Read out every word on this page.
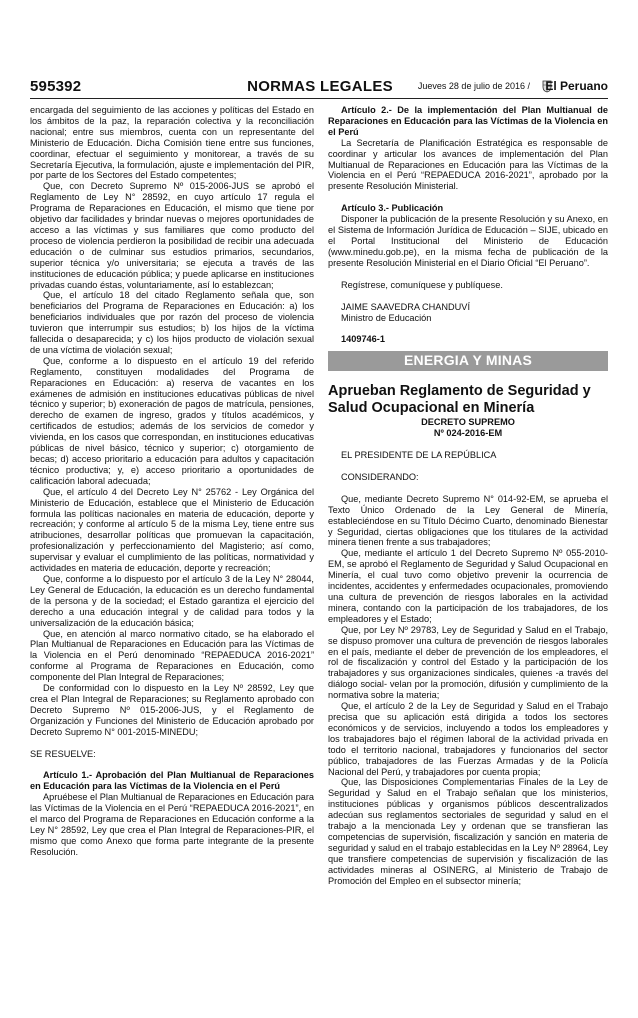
595392	NORMAS LEGALES	Jueves 28 de julio de 2016 / El Peruano

encargada del seguimiento de las acciones y políticas del Estado en los ámbitos de la paz, la reparación colectiva y la reconciliación nacional; entre sus miembros, cuenta con un representante del Ministerio de Educación. Dicha Comisión tiene entre sus funciones, coordinar, efectuar el seguimiento y monitorear, a través de su Secretaría Ejecutiva, la formulación, ajuste e implementación del PIR, por parte de los Sectores del Estado competentes;

Que, con Decreto Supremo Nº 015-2006-JUS se aprobó el Reglamento de Ley N° 28592, en cuyo artículo 17 regula el Programa de Reparaciones en Educación, el mismo que tiene por objetivo dar facilidades y brindar nuevas o mejores oportunidades de acceso a las víctimas y sus familiares que como producto del proceso de violencia perdieron la posibilidad de recibir una adecuada educación o de culminar sus estudios primarios, secundarios, superior técnica y/o universitaria; se ejecuta a través de las instituciones de educación pública; y puede aplicarse en instituciones privadas cuando éstas, voluntariamente, así lo establezcan;

Que, el artículo 18 del citado Reglamento señala que, son beneficiarios del Programa de Reparaciones en Educación: a) los beneficiarios individuales que por razón del proceso de violencia tuvieron que interrumpir sus estudios; b) los hijos de la víctima fallecida o desaparecida; y c) los hijos producto de violación sexual de una víctima de violación sexual;

Que, conforme a lo dispuesto en el artículo 19 del referido Reglamento, constituyen modalidades del Programa de Reparaciones en Educación: a) reserva de vacantes en los exámenes de admisión en instituciones educativas públicas de nivel técnico y superior; b) exoneración de pagos de matrícula, pensiones, derecho de examen de ingreso, grados y títulos académicos, y certificados de estudios; además de los servicios de comedor y vivienda, en los casos que correspondan, en instituciones educativas públicas de nivel básico, técnico y superior; c) otorgamiento de becas; d) acceso prioritario a educación para adultos y capacitación técnico productiva; y, e) acceso prioritario a oportunidades de calificación laboral adecuada;

Que, el artículo 4 del Decreto Ley N° 25762 - Ley Orgánica del Ministerio de Educación, establece que el Ministerio de Educación formula las políticas nacionales en materia de educación, deporte y recreación; y conforme al artículo 5 de la misma Ley, tiene entre sus atribuciones, desarrollar políticas que promuevan la capacitación, profesionalización y perfeccionamiento del Magisterio; así como, supervisar y evaluar el cumplimiento de las políticas, normatividad y actividades en materia de educación, deporte y recreación;

Que, conforme a lo dispuesto por el artículo 3 de la Ley N° 28044, Ley General de Educación, la educación es un derecho fundamental de la persona y de la sociedad; el Estado garantiza el ejercicio del derecho a una educación integral y de calidad para todos y la universalización de la educación básica;

Que, en atención al marco normativo citado, se ha elaborado el Plan Multianual de Reparaciones en Educación para las Víctimas de la Violencia en el Perú denominado “REPAEDUCA 2016-2021” conforme al Programa de Reparaciones en Educación, como componente del Plan Integral de Reparaciones;

De conformidad con lo dispuesto en la Ley Nº 28592, Ley que crea el Plan Integral de Reparaciones; su Reglamento aprobado con Decreto Supremo Nº 015-2006-JUS, y el Reglamento de Organización y Funciones del Ministerio de Educación aprobado por Decreto Supremo N° 001-2015-MINEDU;

SE RESUELVE:

Artículo 1.- Aprobación del Plan Multianual de Reparaciones en Educación para las Víctimas de la Violencia en el Perú

Apruébese el Plan Multianual de Reparaciones en Educación para las Víctimas de la Violencia en el Perú “REPAEDUCA 2016-2021”, en el marco del Programa de Reparaciones en Educación conforme a la Ley N° 28592, Ley que crea el Plan Integral de Reparaciones-PIR, el mismo que como Anexo que forma parte integrante de la presente Resolución.

Artículo 2.- De la implementación del Plan Multianual de Reparaciones en Educación para las Víctimas de la Violencia en el Perú

La Secretaría de Planificación Estratégica es responsable de coordinar y articular los avances de implementación del Plan Multianual de Reparaciones en Educación para las Víctimas de la Violencia en el Perú “REPAEDUCA 2016-2021”, aprobado por la presente Resolución Ministerial.

Artículo 3.- Publicación

Disponer la publicación de la presente Resolución y su Anexo, en el Sistema de Información Jurídica de Educación – SIJE, ubicado en el Portal Institucional del Ministerio de Educación (www.minedu.gob.pe), en la misma fecha de publicación de la presente Resolución Ministerial en el Diario Oficial “El Peruano”.

Regístrese, comuníquese y publíquese.

JAIME SAAVEDRA CHANDUVÍ

Ministro de Educación

1409746-1

ENERGIA Y MINAS

Aprueban Reglamento de Seguridad y Salud Ocupacional en Minería

DECRETO SUPREMO

Nº 024-2016-EM

EL PRESIDENTE DE LA REPÚBLICA

CONSIDERANDO:

Que, mediante Decreto Supremo N° 014-92-EM, se aprueba el Texto Único Ordenado de la Ley General de Minería, estableciéndose en su Título Décimo Cuarto, denominado Bienestar y Seguridad, ciertas obligaciones que los titulares de la actividad minera tienen frente a sus trabajadores;

Que, mediante el artículo 1 del Decreto Supremo Nº 055-2010-EM, se aprobó el Reglamento de Seguridad y Salud Ocupacional en Minería, el cual tuvo como objetivo prevenir la ocurrencia de incidentes, accidentes y enfermedades ocupacionales, promoviendo una cultura de prevención de riesgos laborales en la actividad minera, contando con la participación de los trabajadores, de los empleadores y el Estado;

Que, por Ley Nº 29783, Ley de Seguridad y Salud en el Trabajo, se dispuso promover una cultura de prevención de riesgos laborales en el país, mediante el deber de prevención de los empleadores, el rol de fiscalización y control del Estado y la participación de los trabajadores y sus organizaciones sindicales, quienes -a través del diálogo social- velan por la promoción, difusión y cumplimiento de la normativa sobre la materia;

Que, el artículo 2 de la Ley de Seguridad y Salud en el Trabajo precisa que su aplicación está dirigida a todos los sectores económicos y de servicios, incluyendo a todos los empleadores y los trabajadores bajo el régimen laboral de la actividad privada en todo el territorio nacional, trabajadores y funcionarios del sector público, trabajadores de las Fuerzas Armadas y de la Policía Nacional del Perú, y trabajadores por cuenta propia;

Que, las Disposiciones Complementarias Finales de la Ley de Seguridad y Salud en el Trabajo señalan que los ministerios, instituciones públicas y organismos públicos descentralizados adecúan sus reglamentos sectoriales de seguridad y salud en el trabajo a la mencionada Ley y ordenan que se transfieran las competencias de supervisión, fiscalización y sanción en materia de seguridad y salud en el trabajo establecidas en la Ley Nº 28964, Ley que transfiere competencias de supervisión y fiscalización de las actividades mineras al OSINERG, al Ministerio de Trabajo de Promoción del Empleo en el subsector minería;
